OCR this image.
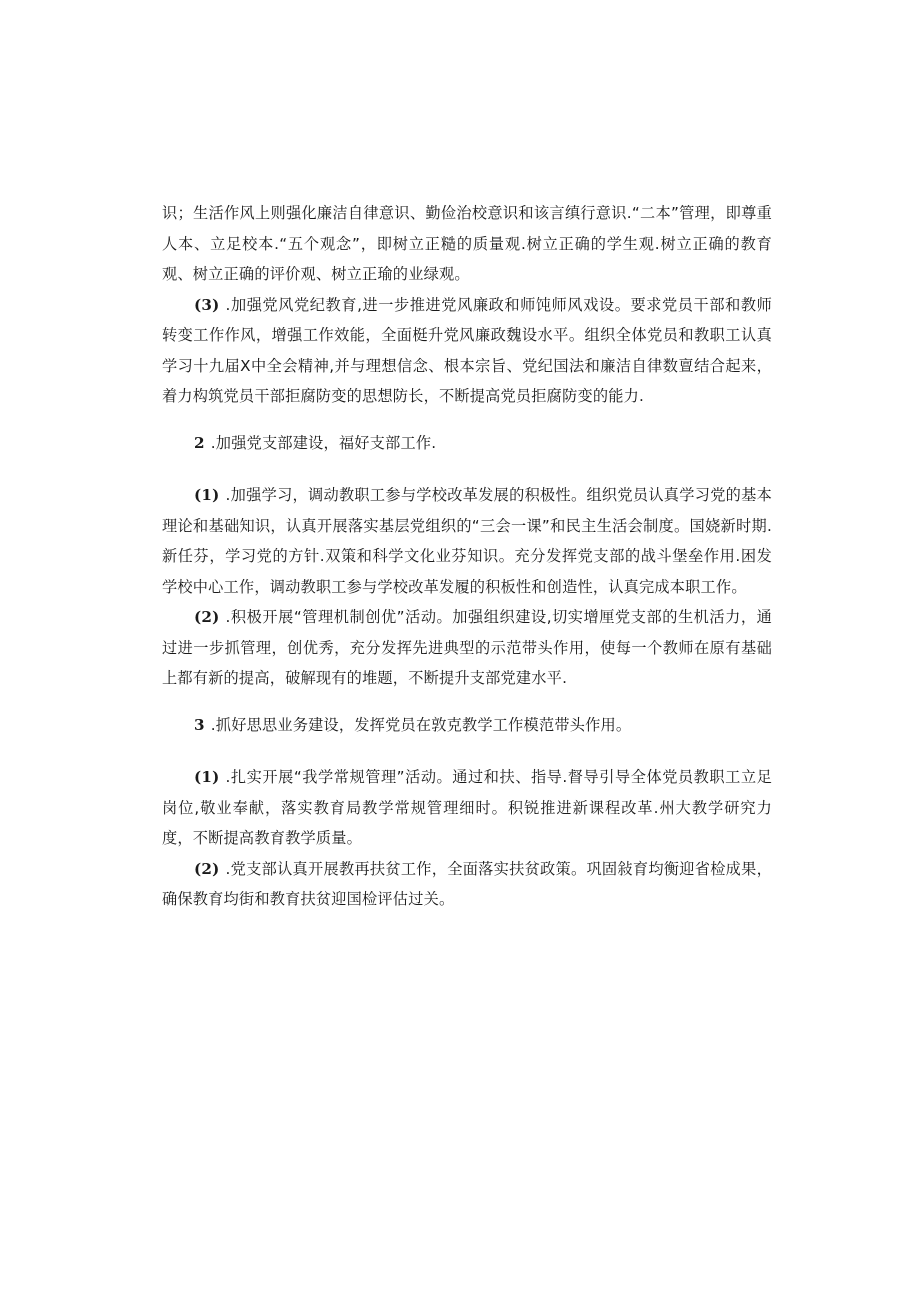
识；生活作风上则强化廉洁自律意识、勤俭治校意识和该言缜行意识.“二本”管理，即尊重人本、立足校本.“五个观念”，即树立正糙的质量观.树立正确的学生观.树立正确的教育观、树立正确的评价观、树立正瑜的业绿观。

(3) .加强党风党纪教育,进一步推进党风廉政和师饨师风戏设。要求党员干部和教师转变工作作风，增强工作效能，全面梃升党风廉政魏设水平。组织全体党员和教职工认真学习十九届X中全会精神,并与理想信念、根本宗旨、党纪国法和廉洁自律数亶结合起来，着力构筑党员干部拒腐防变的思想防长，不断提高党员拒腐防变的能力.

2 .加强党支部建设，福好支部工作.

(1) .加强学习，调动教职工参与学校改革发展的积极性。组织党员认真学习党的基本理论和基础知识，认真开展落实基层党组织的“三会一课”和民主生活会制度。国娆新时期.新任芬，学习党的方针.双策和科学文化业芬知识。充分发挥党支部的战斗堡垒作用.困发学校中心工作，调动教职工参与学校改革发履的积板性和创造性，认真完成本职工作。

(2) .积极开展“管理机制创优”活动。加强组织建设,切实增厘党支部的生机活力，通过进一步抓管理，创优秀，充分发挥先进典型的示范带头作用，使每一个教师在原有基础上都有新的提高，破解现有的堆题，不断提升支部党建水平.

3 .抓好思思业务建设，发挥党员在敦克教学工作模范带头作用。

(1) .扎实开展“我学常规管理”活动。通过和扶、指导.督导引导全体党员教职工立足岗位,敬业奉献，落实教育局教学常规管理细时。积锐推进新课程改革.州大教学研究力度，不断提高教育教学质量。

(2) .党支部认真开展教再扶贫工作，全面落实扶贫政策。巩固敍育均衡迎省检成果，确保教育均街和教育扶贫迎国检评估过关。
